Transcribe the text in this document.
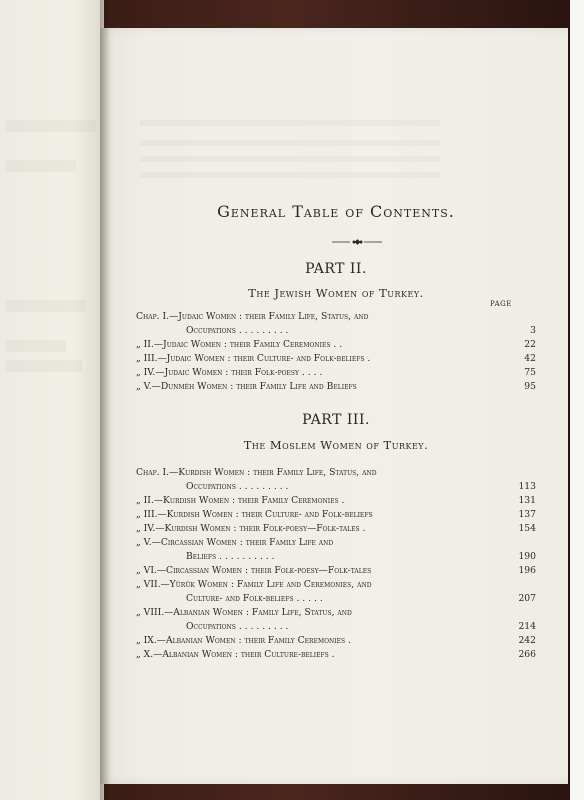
General Table of Contents.
PART II.
The Jewish Women of Turkey.
PAGE
Chap. I.—Judaic Women : their Family Life, Status, and
Occupations . . . . . . . . .	3
„ II.—Judaic Women : their Family Ceremonies . .	22
„ III.—Judaic Women : their Culture- and Folk-beliefs .	42
„ IV.—Judaic Women : their Folk-poesy . . . .	75
„ V.—Dunméh Women : their Family Life and Beliefs	95
PART III.
The Moslem Women of Turkey.
Chap. I.—Kurdish Women : their Family Life, Status, and
Occupations . . . . . . . . .	113
„ II.—Kurdish Women : their Family Ceremonies .	131
„ III.—Kurdish Women : their Culture- and Folk-beliefs	137
„ IV.—Kurdish Women : their Folk-poesy—Folk-tales .	154
„ V.—Circassian Women : their Family Life and
Beliefs . . . . . . . . . .	190
„ VI.—Circassian Women : their Folk-poesy—Folk-tales	196
„ VII.—Yürük Women : Family Life and Ceremonies, and
Culture- and Folk-beliefs . . . . .	207
„ VIII.—Albanian Women : Family Life, Status, and
Occupations . . . . . . . . .	214
„ IX.—Albanian Women : their Family Ceremonies .	242
„ X.—Albanian Women : their Culture-beliefs .	266
